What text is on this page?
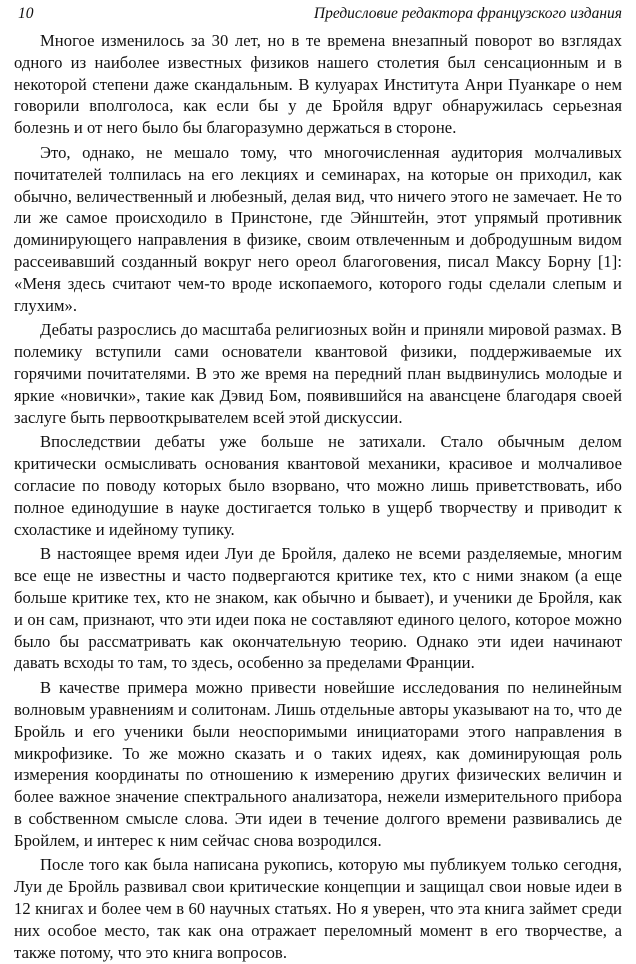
10	Предисловие редактора французского издания

Многое изменилось за 30 лет, но в те времена внезапный поворот во взглядах одного из наиболее известных физиков нашего столетия был сенсационным и в некоторой степени даже скандальным. В кулуарах Института Анри Пуанкаре о нем говорили вполголоса, как если бы у де Бройля вдруг обнаружилась серьезная болезнь и от него было бы благоразумно держаться в стороне.

Это, однако, не мешало тому, что многочисленная аудитория молчаливых почитателей толпилась на его лекциях и семинарах, на которые он приходил, как обычно, величественный и любезный, делая вид, что ничего этого не замечает. Не то ли же самое происходило в Принстоне, где Эйнштейн, этот упрямый противник доминирующего направления в физике, своим отвлеченным и добродушным видом рассеивавший созданный вокруг него ореол благоговения, писал Максу Борну [1]: «Меня здесь считают чем-то вроде ископаемого, которого годы сделали слепым и глухим».

Дебаты разрослись до масштаба религиозных войн и приняли мировой размах. В полемику вступили сами основатели квантовой физики, поддерживаемые их горячими почитателями. В это же время на передний план выдвинулись молодые и яркие «новички», такие как Дэвид Бом, появившийся на авансцене благодаря своей заслуге быть первооткрывателем всей этой дискуссии.

Впоследствии дебаты уже больше не затихали. Стало обычным делом критически осмысливать основания квантовой механики, красивое и молчаливое согласие по поводу которых было взорвано, что можно лишь приветствовать, ибо полное единодушие в науке достигается только в ущерб творчеству и приводит к схоластике и идейному тупику.

В настоящее время идеи Луи де Бройля, далеко не всеми разделяемые, многим все еще не известны и часто подвергаются критике тех, кто с ними знаком (а еще больше критике тех, кто не знаком, как обычно и бывает), и ученики де Бройля, как и он сам, признают, что эти идеи пока не составляют единого целого, которое можно было бы рассматривать как окончательную теорию. Однако эти идеи начинают давать всходы то там, то здесь, особенно за пределами Франции.

В качестве примера можно привести новейшие исследования по нелинейным волновым уравнениям и солитонам. Лишь отдельные авторы указывают на то, что де Бройль и его ученики были неоспоримыми инициаторами этого направления в микрофизике. То же можно сказать и о таких идеях, как доминирующая роль измерения координаты по отношению к измерению других физических величин и более важное значение спектрального анализатора, нежели измерительного прибора в собственном смысле слова. Эти идеи в течение долгого времени развивались де Бройлем, и интерес к ним сейчас снова возродился.

После того как была написана рукопись, которую мы публикуем только сегодня, Луи де Бройль развивал свои критические концепции и защищал свои новые идеи в 12 книгах и более чем в 60 научных статьях. Но я уверен, что эта книга займет среди них особое место, так как она отражает переломный момент в его творчестве, а также потому, что это книга вопросов.
